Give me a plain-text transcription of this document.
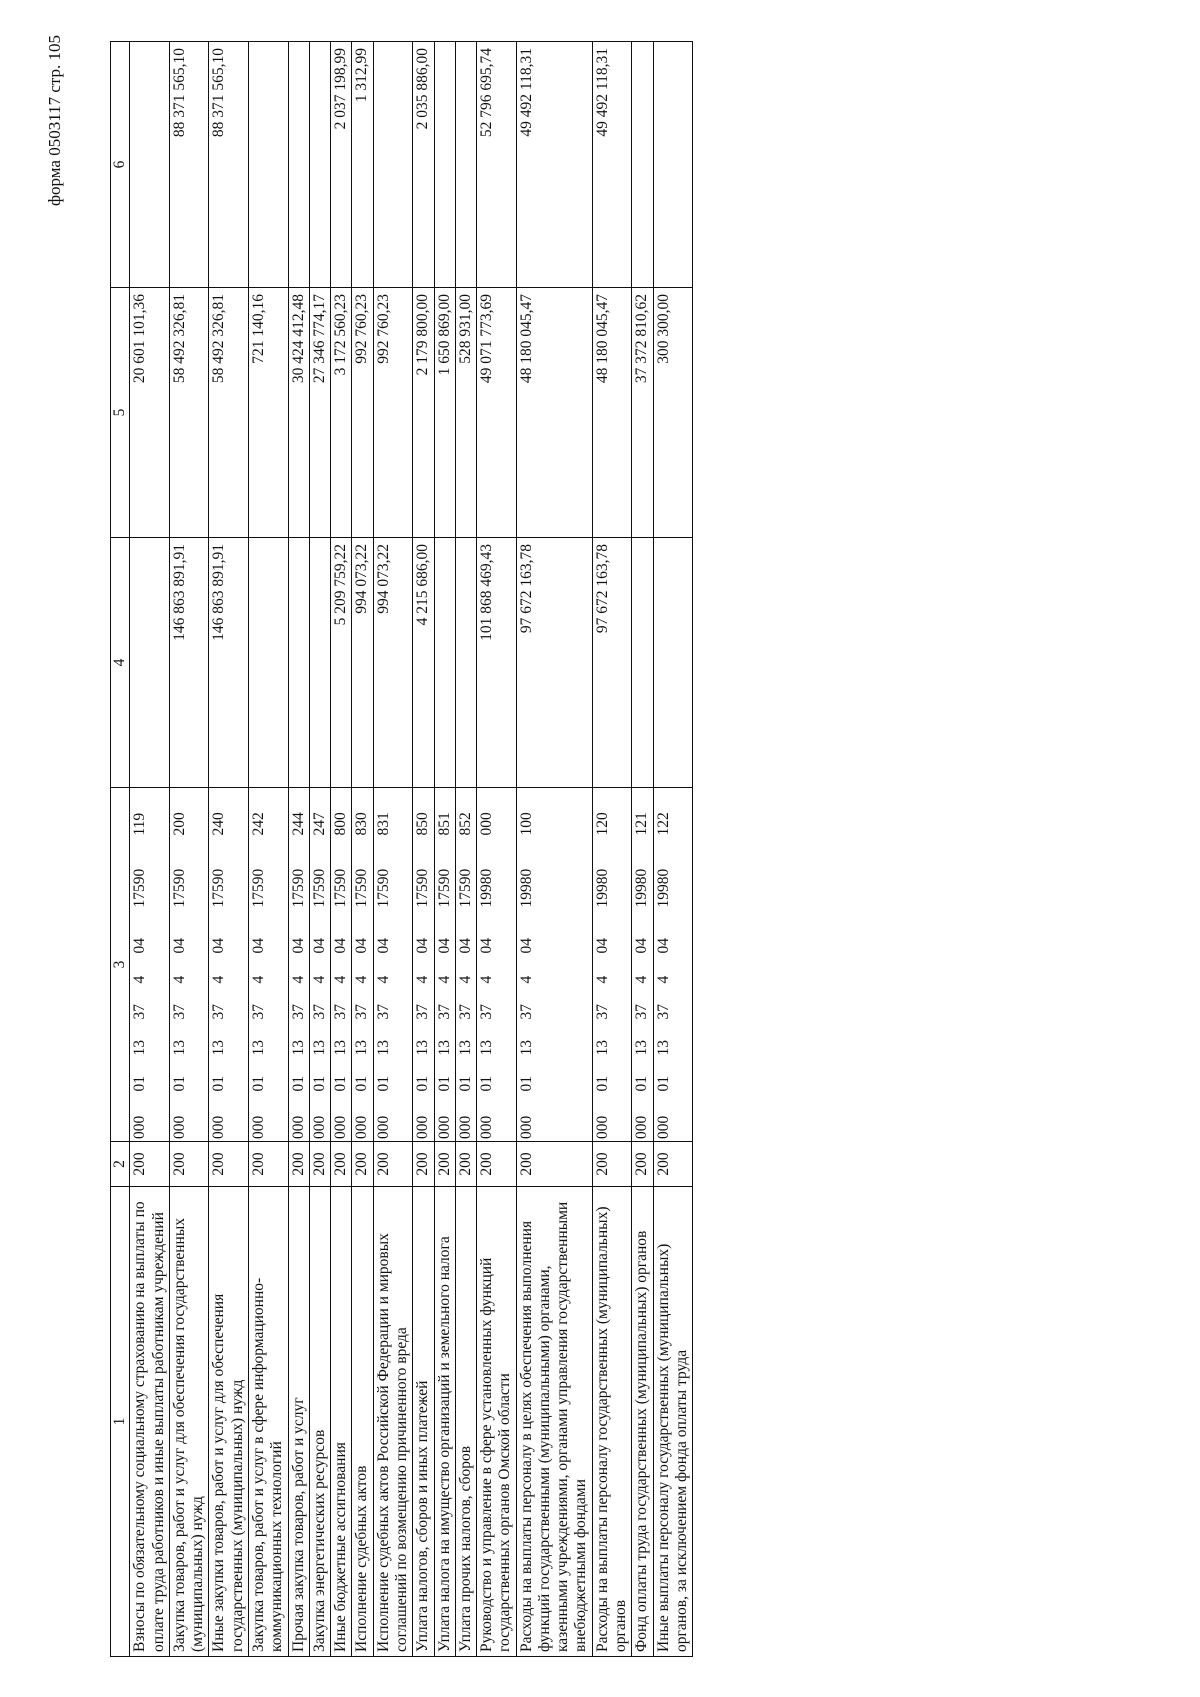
форма 0503117 стр. 105
1	2	3								4	5	6
Взносы по обязательному социальному страхованию на выплаты по оплате труда работников и иные выплаты работникам учреждений	200	000	01	13	37	4	04	17590	119		20 601 101,36	
Закупка товаров, работ и услуг для обеспечения государственных (муниципальных) нужд	200	000	01	13	37	4	04	17590	200	146 863 891,91	58 492 326,81	88 371 565,10
Иные закупки товаров, работ и услуг для обеспечения государственных (муниципальных) нужд	200	000	01	13	37	4	04	17590	240	146 863 891,91	58 492 326,81	88 371 565,10
Закупка товаров, работ и услуг в сфере информационно-коммуникационных технологий	200	000	01	13	37	4	04	17590	242		721 140,16	
Прочая закупка товаров, работ и услуг	200	000	01	13	37	4	04	17590	244		30 424 412,48	
Закупка энергетических ресурсов	200	000	01	13	37	4	04	17590	247		27 346 774,17	
Иные бюджетные ассигнования	200	000	01	13	37	4	04	17590	800	5 209 759,22	3 172 560,23	2 037 198,99
Исполнение судебных актов	200	000	01	13	37	4	04	17590	830	994 073,22	992 760,23	1 312,99
Исполнение судебных актов Российской Федерации и мировых соглашений по возмещению причиненного вреда	200	000	01	13	37	4	04	17590	831	994 073,22	992 760,23	
Уплата налогов, сборов и иных платежей	200	000	01	13	37	4	04	17590	850	4 215 686,00	2 179 800,00	2 035 886,00
Уплата налога на имущество организаций и земельного налога	200	000	01	13	37	4	04	17590	851		1 650 869,00	
Уплата прочих налогов, сборов	200	000	01	13	37	4	04	17590	852		528 931,00	
Руководство и управление в сфере установленных функций государственных органов Омской области	200	000	01	13	37	4	04	19980	000	101 868 469,43	49 071 773,69	52 796 695,74
Расходы на выплаты персоналу в целях обеспечения выполнения функций государственными (муниципальными) органами, казенными учреждениями, органами управления государственными внебюджетными фондами	200	000	01	13	37	4	04	19980	100	97 672 163,78	48 180 045,47	49 492 118,31
Расходы на выплаты персоналу государственных (муниципальных) органов	200	000	01	13	37	4	04	19980	120	97 672 163,78	48 180 045,47	49 492 118,31
Фонд оплаты труда государственных (муниципальных) органов	200	000	01	13	37	4	04	19980	121		37 372 810,62	
Иные выплаты персоналу государственных (муниципальных) органов, за исключением фонда оплаты труда	200	000	01	13	37	4	04	19980	122		300 300,00	
